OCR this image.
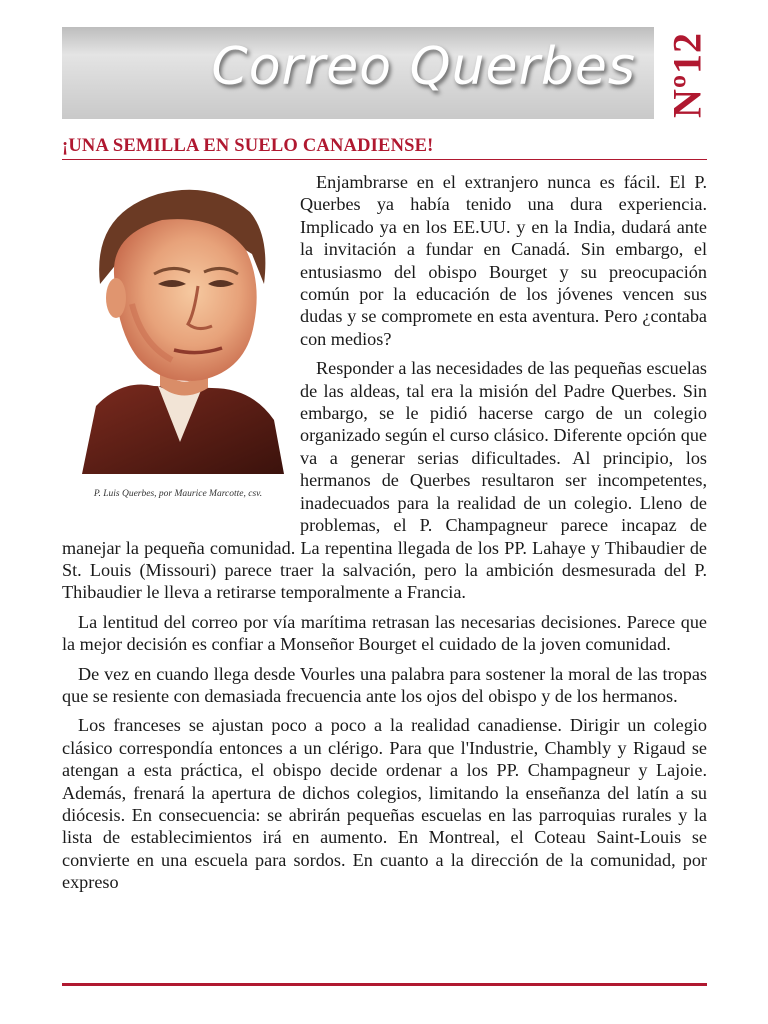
Correo Querbes Nº12
¡UNA SEMILLA EN SUELO CANADIENSE!
P. Luis Querbes, por Maurice Marcotte, csv.

Enjambrarse en el extranjero nunca es fácil. El P. Querbes ya había tenido una dura experiencia. Implicado ya en los EE.UU. y en la India, dudará ante la invitación a fundar en Canadá. Sin embargo, el entusiasmo del obispo Bourget y su preocupación común por la educación de los jóvenes vencen sus dudas y se compromete en esta aventura. Pero ¿contaba con medios?

Responder a las necesidades de las pequeñas escuelas de las aldeas, tal era la misión del Padre Querbes. Sin embargo, se le pidió hacerse cargo de un colegio organizado según el curso clásico. Diferente opción que va a generar serias dificultades. Al principio, los hermanos de Querbes resultaron ser incompetentes, inadecuados para la realidad de un colegio. Lleno de problemas, el P. Champagneur parece incapaz de manejar la pequeña comunidad. La repentina llegada de los PP. Lahaye y Thibaudier de St. Louis (Missouri) parece traer la salvación, pero la ambición desmesurada del P. Thibaudier le lleva a retirarse temporalmente a Francia.

La lentitud del correo por vía marítima retrasan las necesarias decisiones. Parece que la mejor decisión es confiar a Monseñor Bourget el cuidado de la joven comunidad.

De vez en cuando llega desde Vourles una palabra para sostener la moral de las tropas que se resiente con demasiada frecuencia ante los ojos del obispo y de los hermanos.

Los franceses se ajustan poco a poco a la realidad canadiense. Dirigir un colegio clásico correspondía entonces a un clérigo. Para que l'Industrie, Chambly y Rigaud se atengan a esta práctica, el obispo decide ordenar a los PP. Champagneur y Lajoie. Además, frenará la apertura de dichos colegios, limitando la enseñanza del latín a su diócesis. En consecuencia: se abrirán pequeñas escuelas en las parroquias rurales y la lista de establecimientos irá en aumento. En Montreal, el Coteau Saint-Louis se convierte en una escuela para sordos. En cuanto a la dirección de la comunidad, por expreso
